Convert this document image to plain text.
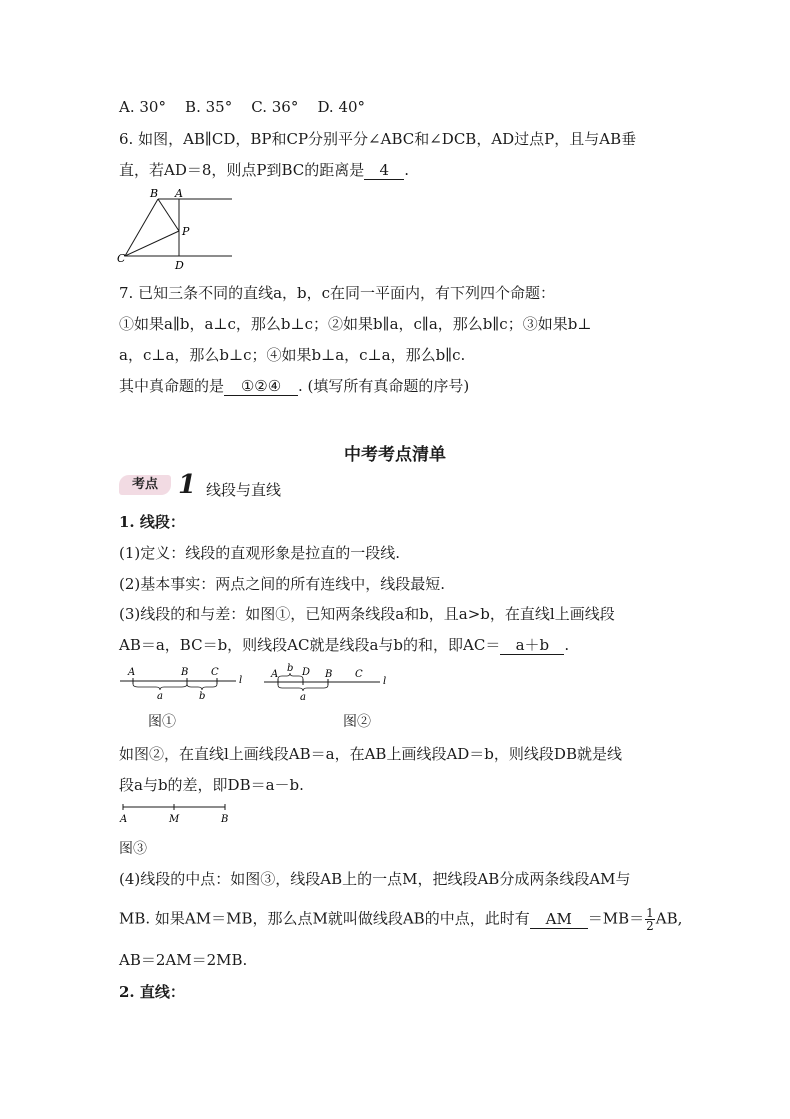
A. 30° B. 35° C. 36° D. 40°
6. 如图，AB∥CD，BP和CP分别平分∠ABC和∠DCB，AD过点P，且与AB垂
直，若AD＝8，则点P到BC的距离是 4 .
B A
P
C
D
7. 已知三条不同的直线a，b，c在同一平面内，有下列四个命题：
①如果a∥b，a⊥c，那么b⊥c；②如果b∥a，c∥a，那么b∥c；③如果b⊥
a，c⊥a，那么b⊥c；④如果b⊥a，c⊥a，那么b∥c.
其中真命题的是 ①②④ . (填写所有真命题的序号)
中考考点清单
考点 1 线段与直线
1. 线段：
(1)定义：线段的直观形象是拉直的一段线.
(2)基本事实：两点之间的所有连线中，线段最短.
(3)线段的和与差：如图①，已知两条线段a和b，且a>b，在直线l上画线段
AB＝a，BC＝b，则线段AC就是线段a与b的和，即AC＝ a＋b .
A	B C
l
a	b
A
b D B C
l
a
图①	图②
如图②，在直线l上画线段AB＝a，在AB上画线段AD＝b，则线段DB就是线
段a与b的差，即DB＝a－b.
A	M	B
图③
(4)线段的中点：如图③，线段AB上的一点M，把线段AB分成两条线段AM与
MB. 如果AM＝MB，那么点M就叫做线段AB的中点，此时有 AM $=MB= \frac{1}{2}$ AB,
AB＝2AM＝2MB.
2. 直线：
